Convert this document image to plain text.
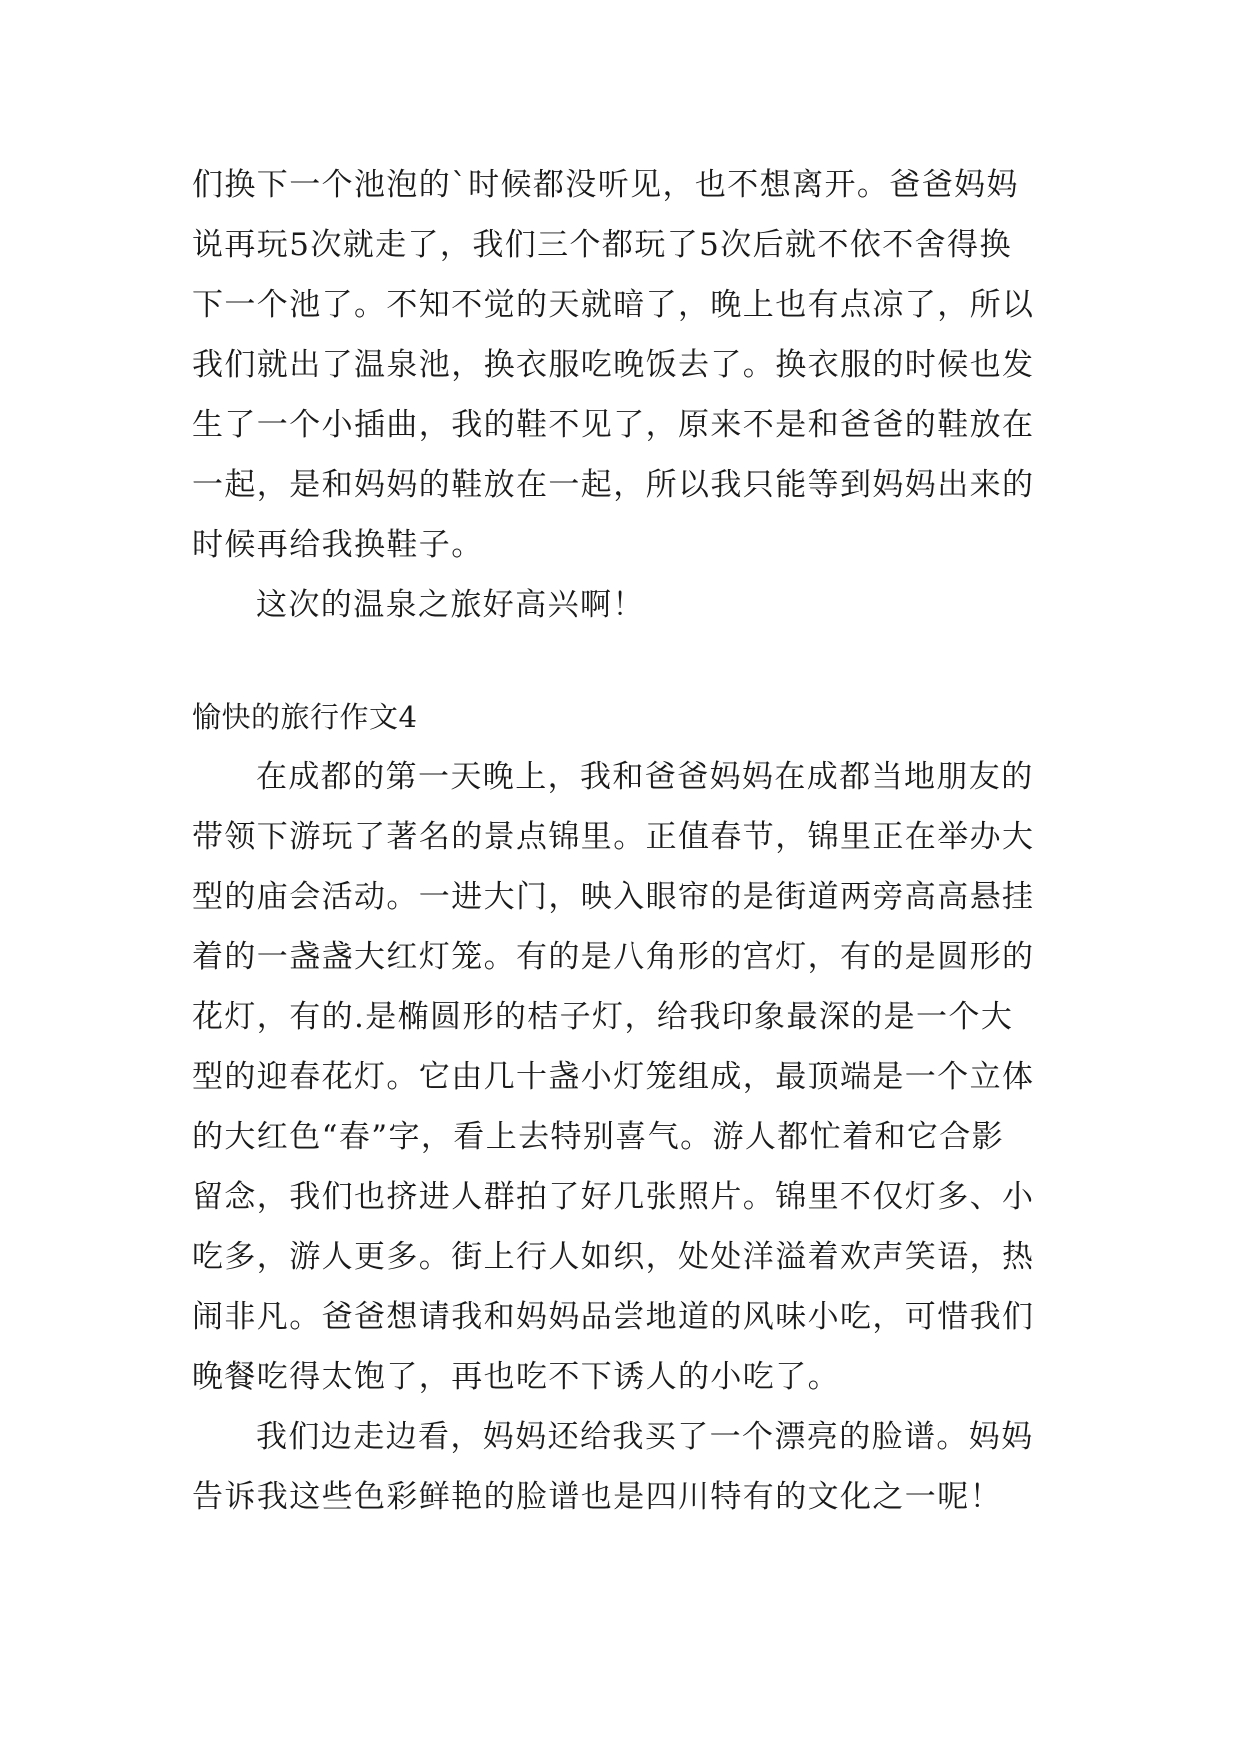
们换下一个池泡的`时候都没听见，也不想离开。爸爸妈妈
说再玩5次就走了，我们三个都玩了5次后就不依不舍得换
下一个池了。不知不觉的天就暗了，晚上也有点凉了，所以
我们就出了温泉池，换衣服吃晚饭去了。换衣服的时候也发
生了一个小插曲，我的鞋不见了，原来不是和爸爸的鞋放在
一起，是和妈妈的鞋放在一起，所以我只能等到妈妈出来的
时候再给我换鞋子。
这次的温泉之旅好高兴啊！
愉快的旅行作文4
在成都的第一天晚上，我和爸爸妈妈在成都当地朋友的
带领下游玩了著名的景点锦里。正值春节，锦里正在举办大
型的庙会活动。一进大门，映入眼帘的是街道两旁高高悬挂
着的一盏盏大红灯笼。有的是八角形的宫灯，有的是圆形的
花灯，有的.是椭圆形的桔子灯，给我印象最深的是一个大
型的迎春花灯。它由几十盏小灯笼组成，最顶端是一个立体
的大红色“春”字，看上去特别喜气。游人都忙着和它合影
留念，我们也挤进人群拍了好几张照片。锦里不仅灯多、小
吃多，游人更多。街上行人如织，处处洋溢着欢声笑语，热
闹非凡。爸爸想请我和妈妈品尝地道的风味小吃，可惜我们
晚餐吃得太饱了，再也吃不下诱人的小吃了。
我们边走边看，妈妈还给我买了一个漂亮的脸谱。妈妈
告诉我这些色彩鲜艳的脸谱也是四川特有的文化之一呢！
